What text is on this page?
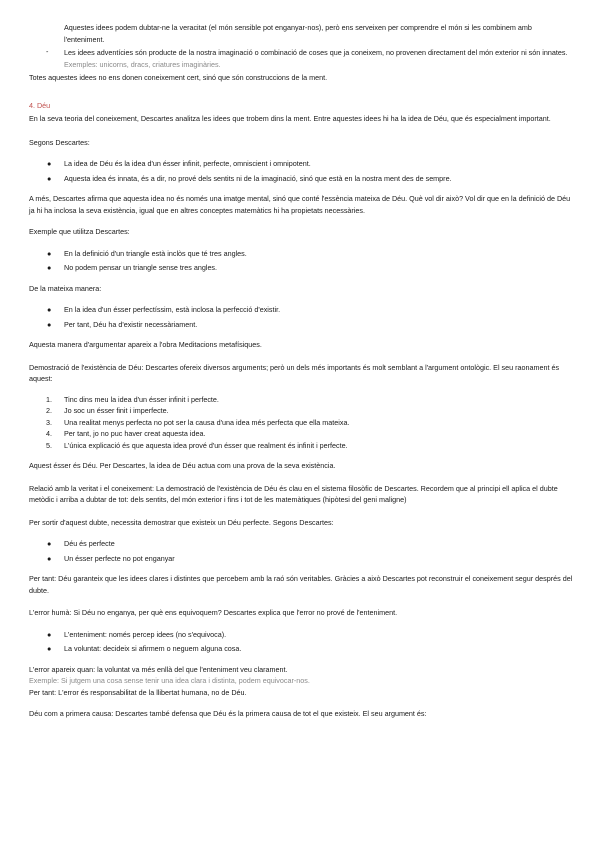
Aquestes idees podem dubtar-ne la veracitat (el món sensible pot enganyar-nos), però ens serveixen per comprendre el món si les combinem amb l'enteniment.

- Les idees adventícies són producte de la nostra imaginació o combinació de coses que ja coneixem, no provenen directament del món exterior ni són innates.

Exemples: unicorns, dracs, criatures imaginàries.

Totes aquestes idees no ens donen coneixement cert, sinó que són construccions de la ment.

4. Déu

En la seva teoria del coneixement, Descartes analitza les idees que trobem dins la ment. Entre aquestes idees hi ha la idea de Déu, que és especialment important.

Segons Descartes:

● La idea de Déu és la idea d'un ésser infinit, perfecte, omniscient i omnipotent.
● Aquesta idea és innata, és a dir, no prové dels sentits ni de la imaginació, sinó que està en la nostra ment des de sempre.

A més, Descartes afirma que aquesta idea no és només una imatge mental, sinó que conté l'essència mateixa de Déu. Què vol dir això? Vol dir que en la definició de Déu ja hi ha inclosa la seva existència, igual que en altres conceptes matemàtics hi ha propietats necessàries.

Exemple que utilitza Descartes:

● En la definició d'un triangle està inclòs que té tres angles.
● No podem pensar un triangle sense tres angles.

De la mateixa manera:

● En la idea d'un ésser perfectíssim, està inclosa la perfecció d'existir.
● Per tant, Déu ha d'existir necessàriament.

Aquesta manera d'argumentar apareix a l'obra Meditacions metafísiques.

Demostració de l'existència de Déu: Descartes ofereix diversos arguments; però un dels més importants és molt semblant a l'argument ontològic. El seu raonament és aquest:

1. Tinc dins meu la idea d'un ésser infinit i perfecte.
2. Jo soc un ésser finit i imperfecte.
3. Una realitat menys perfecta no pot ser la causa d'una idea més perfecta que ella mateixa.
4. Per tant, jo no puc haver creat aquesta idea.
5. L'única explicació és que aquesta idea prové d'un ésser que realment és infinit i perfecte.

Aquest ésser és Déu. Per Descartes, la idea de Déu actua com una prova de la seva existència.

Relació amb la veritat i el coneixement: La demostració de l'existència de Déu és clau en el sistema filosòfic de Descartes. Recordem que al principi ell aplica el dubte metòdic i arriba a dubtar de tot: dels sentits, del món exterior i fins i tot de les matemàtiques (hipòtesi del geni maligne)

Per sortir d'aquest dubte, necessita demostrar que existeix un Déu perfecte. Segons Descartes:

● Déu és perfecte
● Un ésser perfecte no pot enganyar

Per tant: Déu garanteix que les idees clares i distintes que percebem amb la raó són veritables. Gràcies a això Descartes pot reconstruir el coneixement segur després del dubte.

L'error humà: Si Déu no enganya, per què ens equivoquem? Descartes explica que l'error no prové de l'enteniment.

● L'enteniment: només percep idees (no s'equivoca).
● La voluntat: decideix si afirmem o neguem alguna cosa.

L'error apareix quan: la voluntat va més enllà del que l'enteniment veu clarament.

Exemple: Si jutgem una cosa sense tenir una idea clara i distinta, podem equivocar-nos.

Per tant: L'error és responsabilitat de la llibertat humana, no de Déu.

Déu com a primera causa: Descartes també defensa que Déu és la primera causa de tot el que existeix. El seu argument és:
